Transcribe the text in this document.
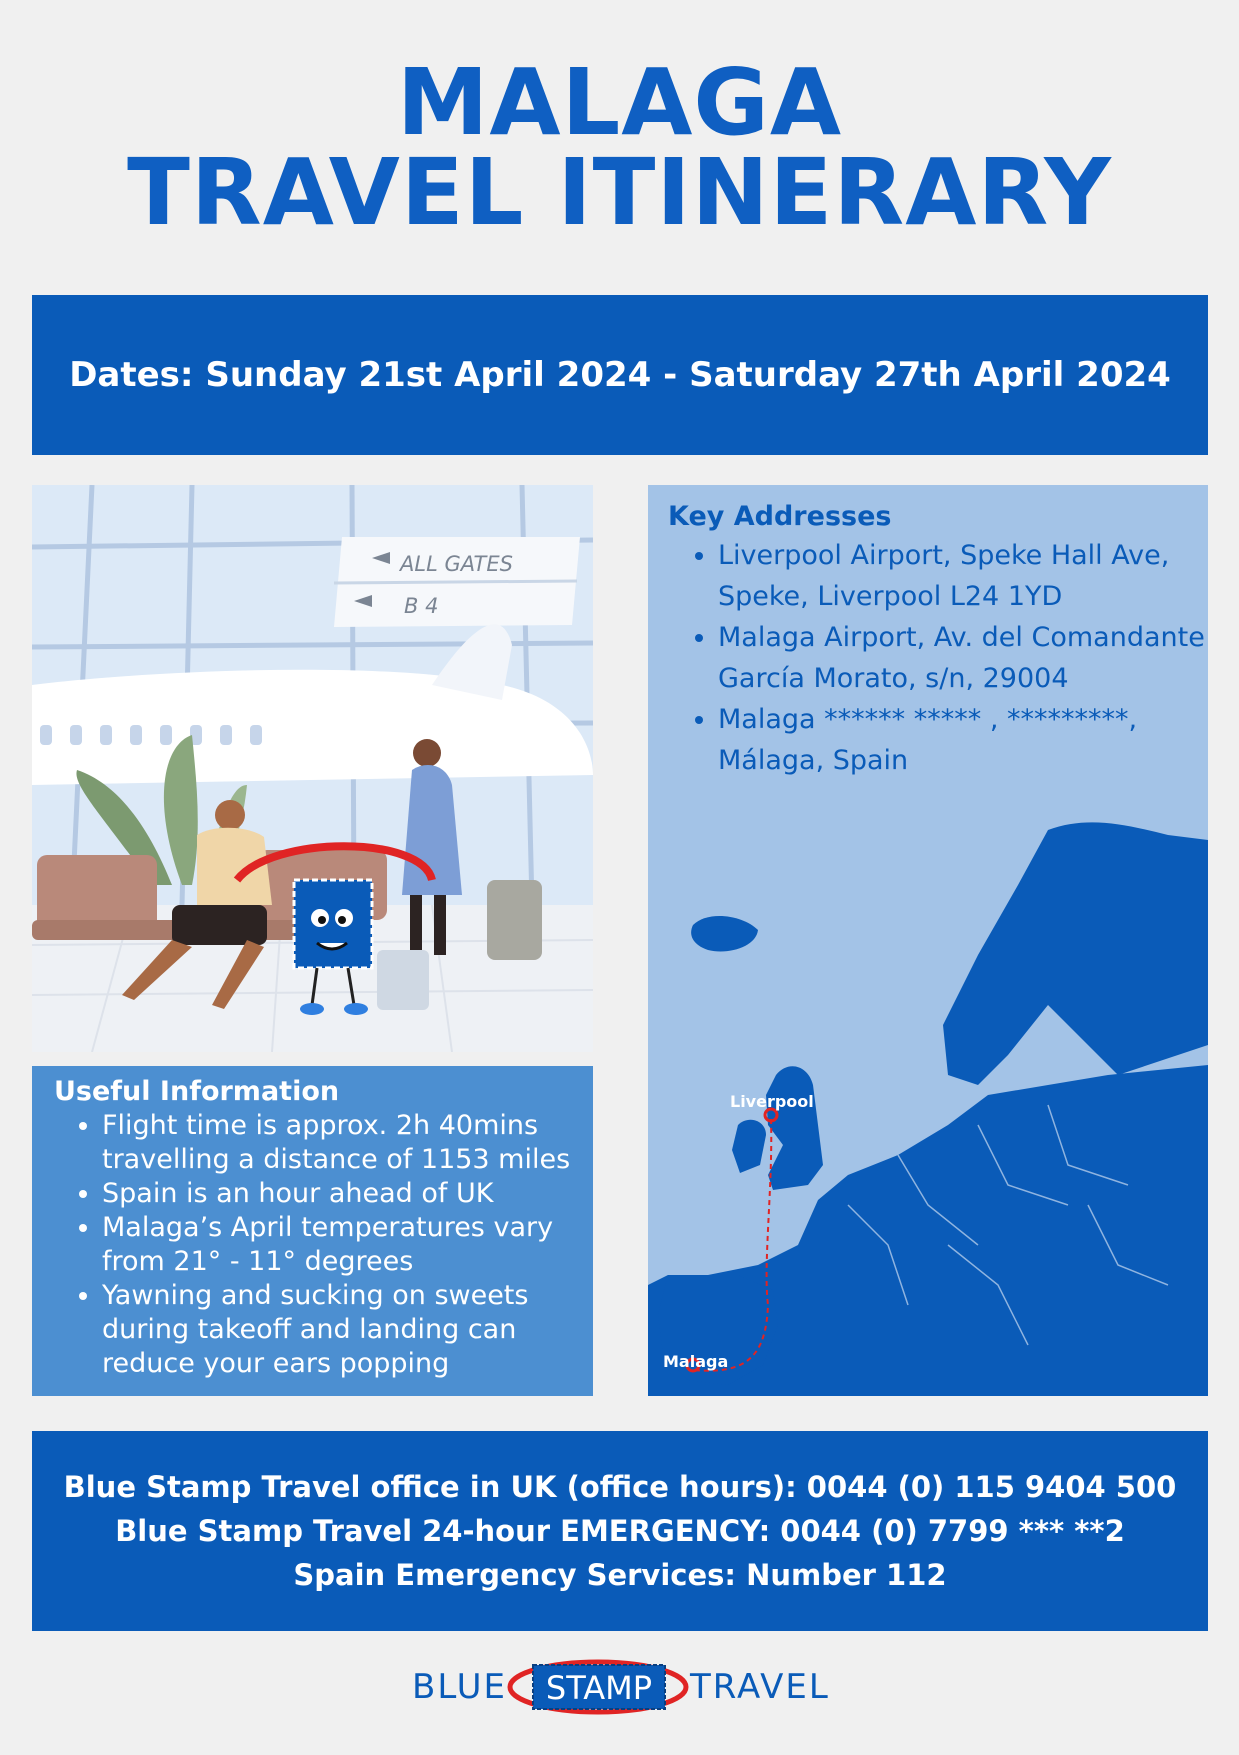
MALAGA
TRAVEL ITINERARY
Dates: Sunday 21st April 2024 - Saturday 27th April 2024
ALL GATES
B 4
Useful Information
• Flight time is approx. 2h 40mins travelling a distance of 1153 miles
• Spain is an hour ahead of UK
• Malaga’s April temperatures vary from 21° - 11° degrees
• Yawning and sucking on sweets during takeoff and landing can reduce your ears popping
Liverpool
Malaga
Key Addresses
• Liverpool Airport, Speke Hall Ave, Speke, Liverpool L24 1YD
• Malaga Airport, Av. del Comandante García Morato, s/n, 29004
• Malaga ****** ***** , *********, Málaga, Spain
Blue Stamp Travel office in UK (office hours): 0044 (0) 115 9404 500
Blue Stamp Travel 24-hour EMERGENCY: 0044 (0) 7799 *** **2
Spain Emergency Services: Number 112
BLUE STAMP TRAVEL
